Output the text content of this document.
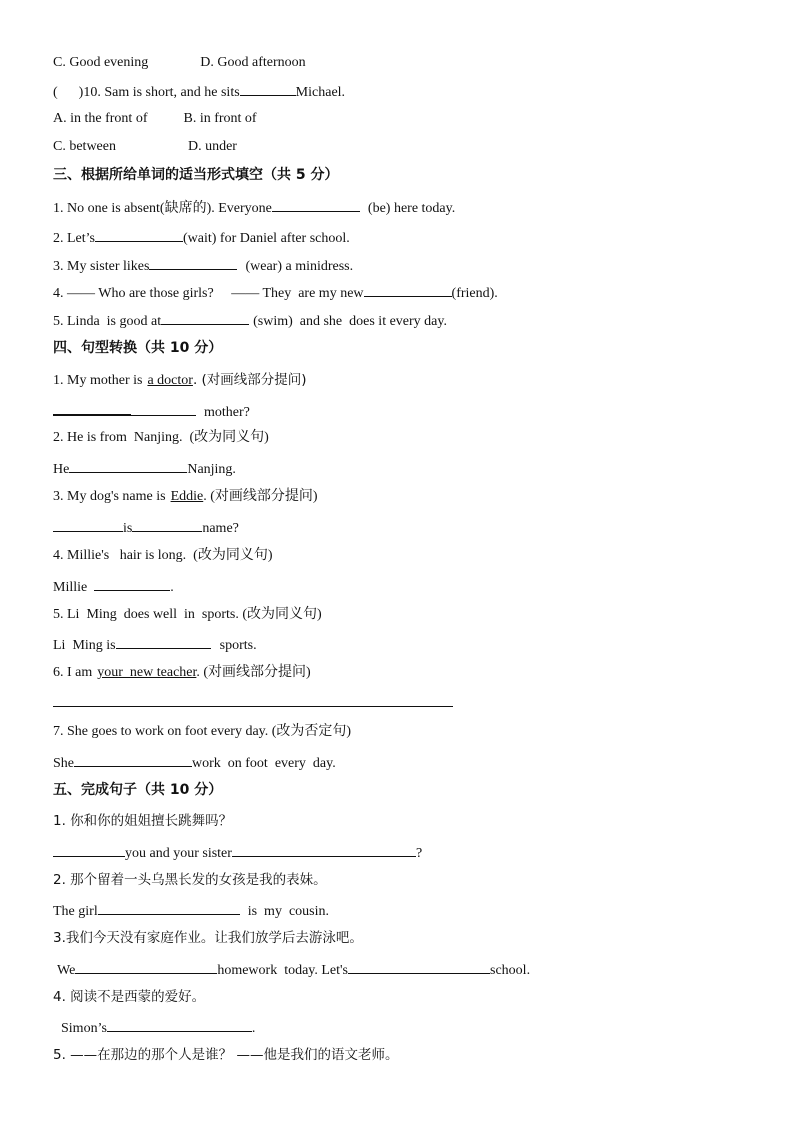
C. Good evening	D. Good afternoon
(      )10. Sam is short, and he sits	Michael.
A. in the front of	B. in front of
C. between	D. under
三、根据所给单词的适当形式填空（共 5 分）
1. No one is absent(缺席的). Everyone	(be) here today.
2. Let’s	(wait) for Daniel after school.
3. My sister likes	(wear) a minidress.
4. —— Who are those girls?     —— They  are my new	(friend).
5. Linda  is good at	(swim)  and she  does it every day.
四、句型转换（共 10 分）
1. My mother is a doctor. (对画线部分提问)
mother?
2. He is from  Nanjing.  (改为同义句)
He	Nanjing.
3. My dog's name is Eddie. (对画线部分提问)
is	name?
4. Millie's   hair is long.  (改为同义句)
Millie	.
5. Li  Ming  does well  in  sports. (改为同义句)
Li  Ming is	sports.
6. I am your  new teacher. (对画线部分提问)
7. She goes to work on foot every day. (改为否定句)
She	work  on foot  every  day.
五、完成句子（共 10 分）
1. 你和你的姐姐擅长跳舞吗？
you and your sister	?
2. 那个留着一头乌黑长发的女孩是我的表妹。
The girl	is  my  cousin.
3.我们今天没有家庭作业。让我们放学后去游泳吧。
We	homework  today. Let's	school.
4. 阅读不是西蒙的爱好。
Simon’s	.
5. ——在那边的那个人是谁？ ——他是我们的语文老师。
